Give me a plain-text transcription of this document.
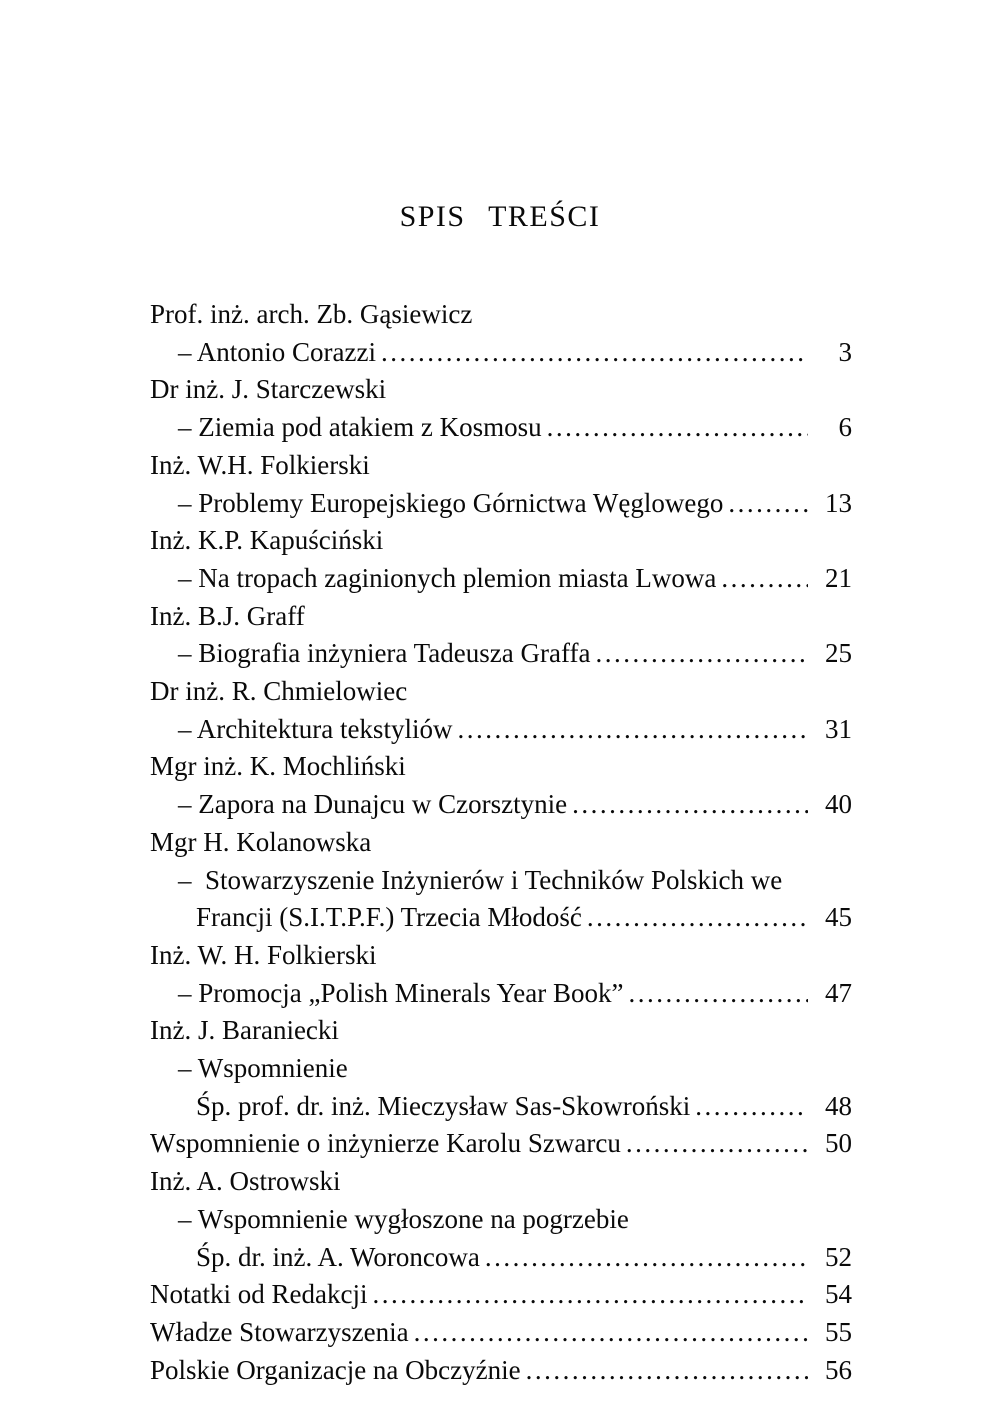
SPIS TREŚCI
Prof. inż. arch. Zb. Gąsiewicz
– Antonio Corazzi .....	3
Dr inż. J. Starczewski
– Ziemia pod atakiem z Kosmosu .....	6
Inż. W.H. Folkierski
– Problemy Europejskiego Górnictwa Węglowego .....	13
Inż. K.P. Kapuściński
– Na tropach zaginionych plemion miasta Lwowa .....	21
Inż. B.J. Graff
– Biografia inżyniera Tadeusza Graffa .....	25
Dr inż. R. Chmielowiec
– Architektura tekstyliów .....	31
Mgr inż. K. Mochliński
– Zapora na Dunajcu w Czorsztynie .....	40
Mgr H. Kolanowska
–  Stowarzyszenie Inżynierów i Techników Polskich we
Francji (S.I.T.P.F.) Trzecia Młodość .....	45
Inż. W. H. Folkierski
– Promocja „Polish Minerals Year Book” .....	47
Inż. J. Baraniecki
– Wspomnienie
Śp. prof. dr. inż. Mieczysław Sas-Skowroński .....	48
Wspomnienie o inżynierze Karolu Szwarcu .....	50
Inż. A. Ostrowski
– Wspomnienie wygłoszone na pogrzebie
Śp. dr. inż. A. Woroncowa .....	52
Notatki od Redakcji .....	54
Władze Stowarzyszenia .....	55
Polskie Organizacje na Obczyźnie .....	56
